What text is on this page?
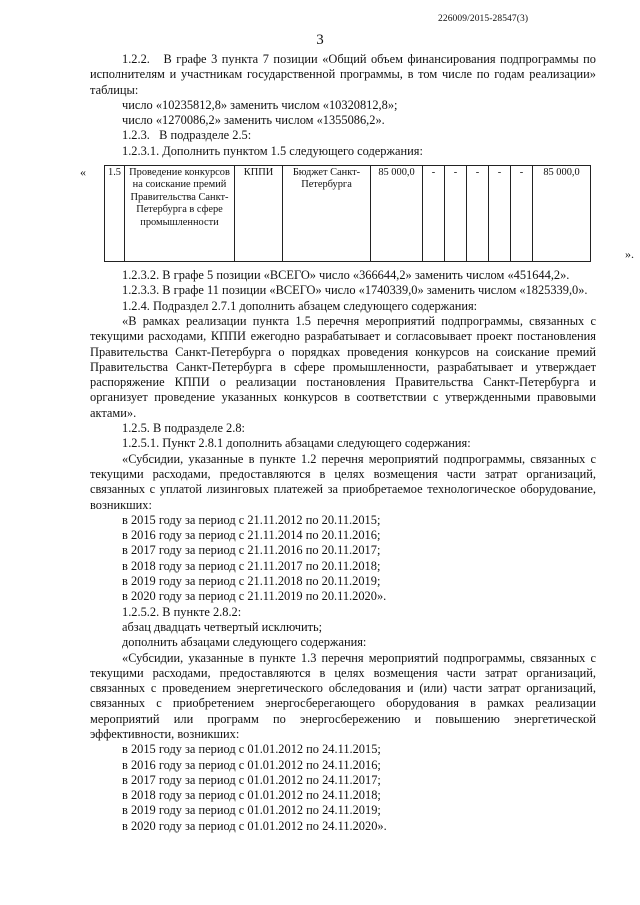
226009/2015-28547(3)
3

1.2.2.   В графе 3 пункта 7 позиции «Общий объем финансирования подпрограммы по исполнителям и участникам государственной программы, в том числе по годам реализации» таблицы:

число «10235812,8» заменить числом «10320812,8»;

число «1270086,2» заменить числом «1355086,2».

1.2.3.   В подразделе 2.5:

1.2.3.1. Дополнить пунктом 1.5 следующего содержания:

« 1.5	Проведение конкурсов на соискание премий Правительства Санкт-Петербурга в сфере промышленности	КППИ	Бюджет Санкт-Петербурга	85 000,0	-	-	-	-	-	85 000,0
».

1.2.3.2. В графе 5 позиции «ВСЕГО» число «366644,2» заменить числом «451644,2».

1.2.3.3. В графе 11 позиции «ВСЕГО» число «1740339,0» заменить числом «1825339,0».

1.2.4. Подраздел 2.7.1 дополнить абзацем следующего содержания:

«В рамках реализации пункта 1.5 перечня мероприятий подпрограммы, связанных с текущими расходами, КППИ ежегодно разрабатывает и согласовывает проект постановления Правительства Санкт-Петербурга о порядках проведения конкурсов на соискание премий Правительства Санкт-Петербурга в сфере промышленности, разрабатывает и утверждает распоряжение КППИ о реализации постановления Правительства Санкт-Петербурга и организует проведение указанных конкурсов в соответствии с утвержденными правовыми актами».

1.2.5. В подразделе 2.8:

1.2.5.1. Пункт 2.8.1 дополнить абзацами следующего содержания:

«Субсидии, указанные в пункте 1.2 перечня мероприятий подпрограммы, связанных с текущими расходами, предоставляются в целях возмещения части затрат организаций, связанных с уплатой лизинговых платежей за приобретаемое технологическое оборудование, возникших:

в 2015 году за период с 21.11.2012 по 20.11.2015;

в 2016 году за период с 21.11.2014 по 20.11.2016;

в 2017 году за период с 21.11.2016 по 20.11.2017;

в 2018 году за период с 21.11.2017 по 20.11.2018;

в 2019 году за период с 21.11.2018 по 20.11.2019;

в 2020 году за период с 21.11.2019 по 20.11.2020».

1.2.5.2. В пункте 2.8.2:

абзац двадцать четвертый исключить;

дополнить абзацами следующего содержания:

«Субсидии, указанные в пункте 1.3 перечня мероприятий подпрограммы, связанных с текущими расходами, предоставляются в целях возмещения части затрат организаций, связанных с проведением энергетического обследования и (или) части затрат организаций, связанных с приобретением энергосберегающего оборудования в рамках реализации мероприятий или программ по энергосбережению и повышению энергетической эффективности, возникших:

в 2015 году за период с 01.01.2012 по 24.11.2015;

в 2016 году за период с 01.01.2012 по 24.11.2016;

в 2017 году за период с 01.01.2012 по 24.11.2017;

в 2018 году за период с 01.01.2012 по 24.11.2018;

в 2019 году за период с 01.01.2012 по 24.11.2019;

в 2020 году за период с 01.01.2012 по 24.11.2020».
